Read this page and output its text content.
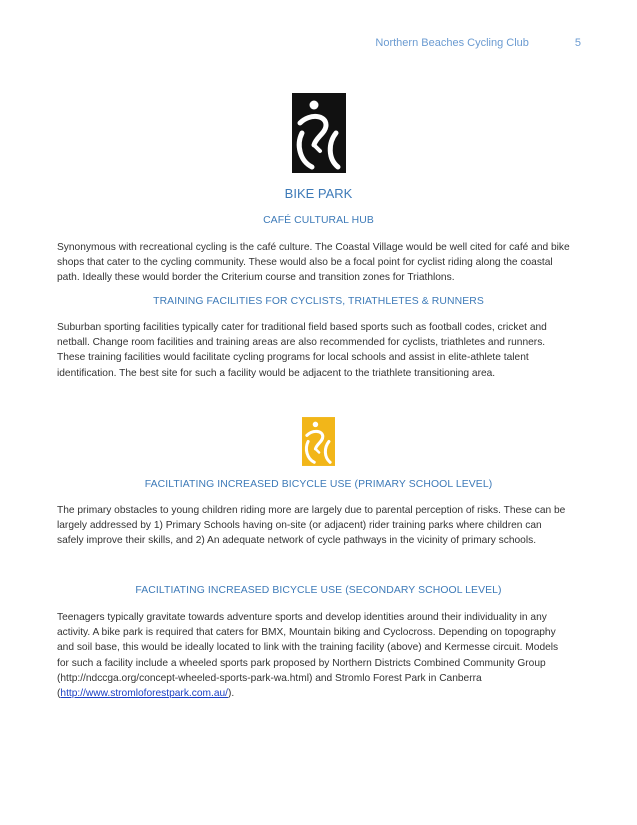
Northern Beaches Cycling Club	5
BIKE PARK
CAFÉ CULTURAL HUB
Synonymous with recreational cycling is the café culture. The Coastal Village would be well cited for café and bike
shops that cater to the cycling community. These would also be a focal point for cyclist riding along the coastal
path. Ideally these would border the Criterium course and transition zones for Triathlons.
TRAINING FACILITIES FOR CYCLISTS, TRIATHLETES & RUNNERS
Suburban sporting facilities typically cater for traditional field based sports such as football codes, cricket and
netball. Change room facilities and training areas are also recommended for cyclists, triathletes and runners.
These training facilities would facilitate cycling programs for local schools and assist in elite-athlete talent
identification. The best site for such a facility would be adjacent to the triathlete transitioning area.
FACILTIATING INCREASED BICYCLE USE (PRIMARY SCHOOL LEVEL)
The primary obstacles to young children riding more are largely due to parental perception of risks. These can be
largely addressed by 1) Primary Schools having on-site (or adjacent) rider training parks where children can
safely improve their skills, and 2) An adequate network of cycle pathways in the vicinity of primary schools.
FACILTIATING INCREASED BICYCLE USE (SECONDARY SCHOOL LEVEL)
Teenagers typically gravitate towards adventure sports and develop identities around their individuality in any
activity. A bike park is required that caters for BMX, Mountain biking and Cyclocross. Depending on topography
and soil base, this would be ideally located to link with the training facility (above) and Kermesse circuit. Models
for such a facility include a wheeled sports park proposed by Northern Districts Combined Community Group
(http://ndccga.org/concept-wheeled-sports-park-wa.html) and Stromlo Forest Park in Canberra
(http://www.stromloforestpark.com.au/).
